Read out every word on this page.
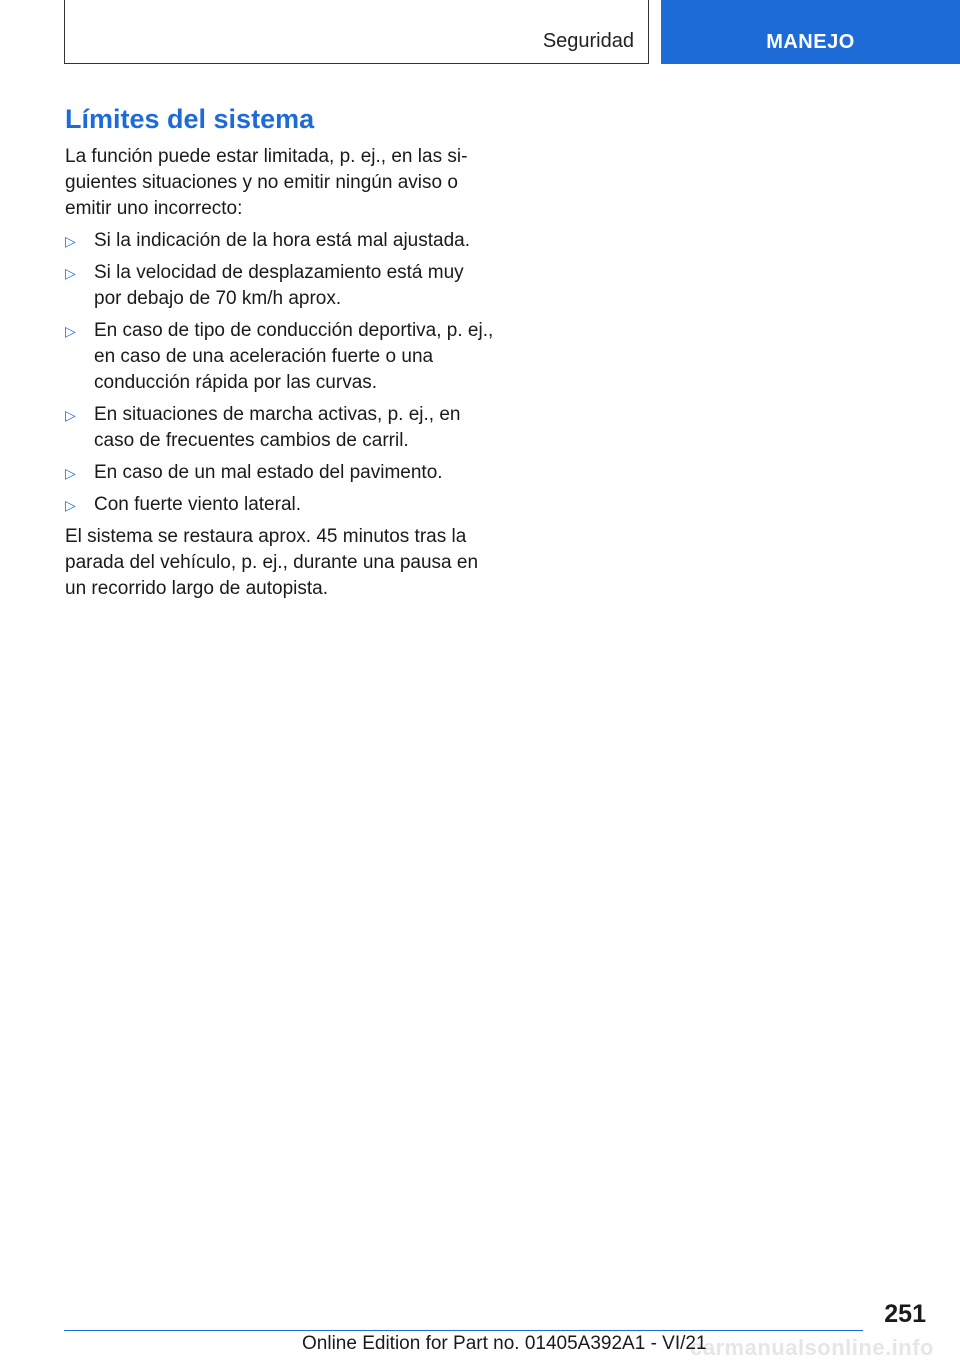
Seguridad	MANEJO
Límites del sistema

La función puede estar limitada, p. ej., en las si-guientes situaciones y no emitir ningún aviso o emitir uno incorrecto:

▷ Si la indicación de la hora está mal ajustada.
▷ Si la velocidad de desplazamiento está muy por debajo de 70 km/h aprox.
▷ En caso de tipo de conducción deportiva, p. ej., en caso de una aceleración fuerte o una conducción rápida por las curvas.
▷ En situaciones de marcha activas, p. ej., en caso de frecuentes cambios de carril.
▷ En caso de un mal estado del pavimento.
▷ Con fuerte viento lateral.

El sistema se restaura aprox. 45 minutos tras la parada del vehículo, p. ej., durante una pausa en un recorrido largo de autopista.

251
carmanualsonline.info
Online Edition for Part no. 01405A392A1 - VI/21
